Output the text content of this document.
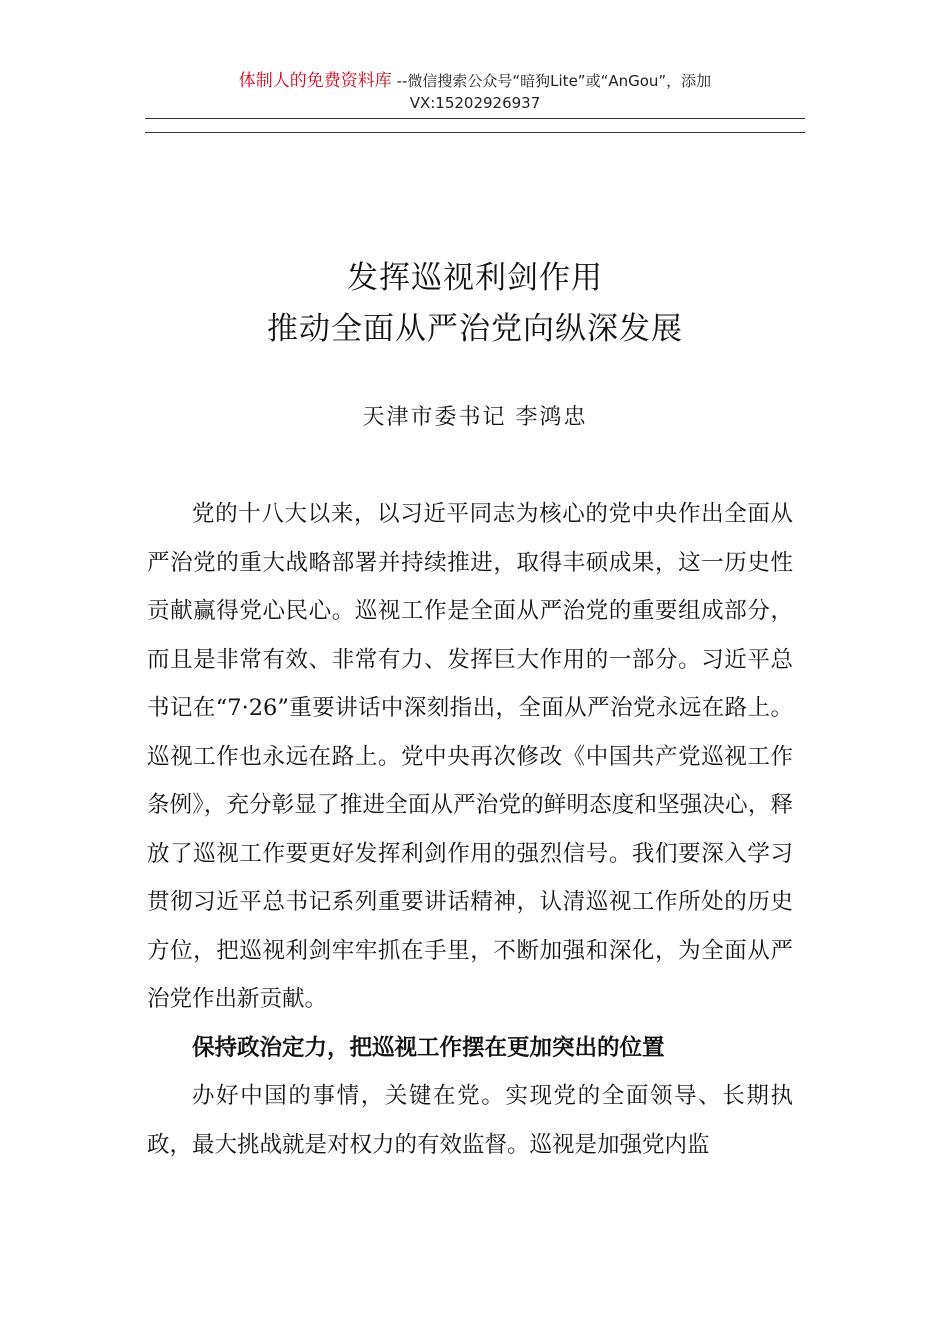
体制人的免费资料库 --微信搜索公众号“暗狗Lite”或“AnGou”，添加
VX:15202926937
发挥巡视利剑作用
推动全面从严治党向纵深发展
天津市委书记 李鸿忠

党的十八大以来，以习近平同志为核心的党中央作出全面从严治党的重大战略部署并持续推进，取得丰硕成果，这一历史性贡献赢得党心民心。巡视工作是全面从严治党的重要组成部分，而且是非常有效、非常有力、发挥巨大作用的一部分。习近平总书记在“7·26”重要讲话中深刻指出，全面从严治党永远在路上。巡视工作也永远在路上。党中央再次修改《中国共产党巡视工作条例》，充分彰显了推进全面从严治党的鲜明态度和坚强决心，释放了巡视工作要更好发挥利剑作用的强烈信号。我们要深入学习贯彻习近平总书记系列重要讲话精神，认清巡视工作所处的历史方位，把巡视利剑牢牢抓在手里，不断加强和深化，为全面从严治党作出新贡献。

保持政治定力，把巡视工作摆在更加突出的位置

办好中国的事情，关键在党。实现党的全面领导、长期执政，最大挑战就是对权力的有效监督。巡视是加强党内监
